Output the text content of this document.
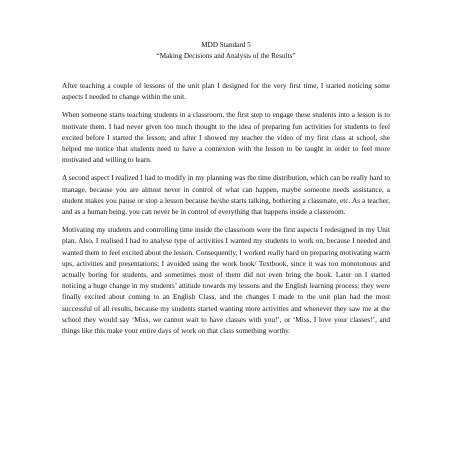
MDD Standard 5

“Making Decisions and Analysis of the Results”

After teaching a couple of lessons of the unit plan I designed for the very first time, I started noticing some aspects I needed to change within the unit.

When someone starts teaching students in a classroom, the first step to engage these students into a lesson is to motivate them. I had never given too much thought to the idea of preparing fun activities for students to feel excited before I started the lesson; and after I showed my teacher the video of my first class at school, she helped me notice that students need to have a connexion with the lesson to be taught in order to feel more motivated and willing to learn.

A second aspect I realized I had to modify in my planning was the time distribution, which can be really hard to manage, because you are almost never in control of what can happen, maybe someone needs assistance, a student makes you pause or stop a lesson because he/she starts talking, bothering a classmate, etc. As a teacher, and as a human being, you can never be in control of everything that happens inside a classroom.

Motivating my students and controlling time inside the classroom were the first aspects I redesigned in my Unit plan. Also, I realised I had to analyse type of activities I wanted my students to work on, because I needed and wanted them to feel excited about the lesson. Consequently, I worked really hard on preparing motivating warm ups, activities and presentations; I avoided using the work book/ Textbook, since it was too monotonous and actually boring for students, and sometimes most of them did not even bring the book. Later on I started noticing a huge change in my students’ attitude towards my lessons and the English learning process; they were finally excited about coming to an English Class, and the changes I made to the unit plan had the most successful of all results, because my students started wanting more activities and whenever they saw me at the school they would say ‘Miss, we cannot wait to have classes with you!’, or ‘Miss, I love your classes!’, and things like this make your entire days of work on that class something worthy.
